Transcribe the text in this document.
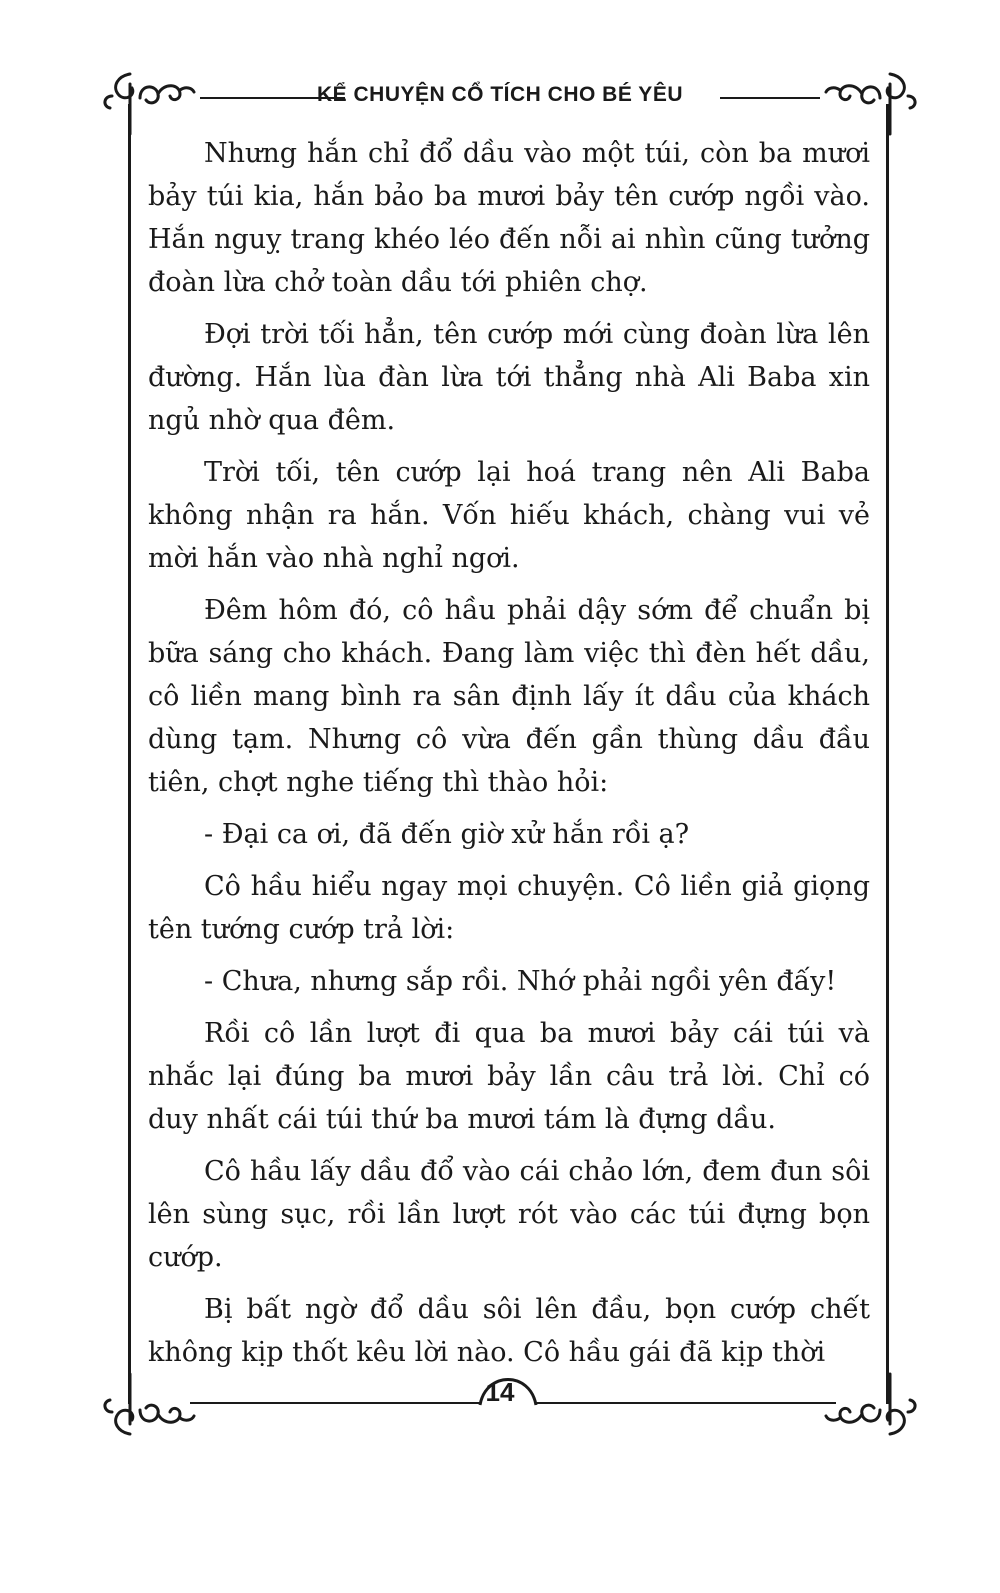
KỂ CHUYỆN CỔ TÍCH CHO BÉ YÊU

Nhưng hắn chỉ đổ dầu vào một túi, còn ba mươi bảy túi kia, hắn bảo ba mươi bảy tên cướp ngồi vào. Hắn nguỵ trang khéo léo đến nỗi ai nhìn cũng tưởng đoàn lừa chở toàn dầu tới phiên chợ.

Đợi trời tối hẳn, tên cướp mới cùng đoàn lừa lên đường. Hắn lùa đàn lừa tới thẳng nhà Ali Baba xin ngủ nhờ qua đêm.

Trời tối, tên cướp lại hoá trang nên Ali Baba không nhận ra hắn. Vốn hiếu khách, chàng vui vẻ mời hắn vào nhà nghỉ ngơi.

Đêm hôm đó, cô hầu phải dậy sớm để chuẩn bị bữa sáng cho khách. Đang làm việc thì đèn hết dầu, cô liền mang bình ra sân định lấy ít dầu của khách dùng tạm. Nhưng cô vừa đến gần thùng dầu đầu tiên, chợt nghe tiếng thì thào hỏi:

- Đại ca ơi, đã đến giờ xử hắn rồi ạ?

Cô hầu hiểu ngay mọi chuyện. Cô liền giả giọng tên tướng cướp trả lời:

- Chưa, nhưng sắp rồi. Nhớ phải ngồi yên đấy!

Rồi cô lần lượt đi qua ba mươi bảy cái túi và nhắc lại đúng ba mươi bảy lần câu trả lời. Chỉ có duy nhất cái túi thứ ba mươi tám là đựng dầu.

Cô hầu lấy dầu đổ vào cái chảo lớn, đem đun sôi lên sùng sục, rồi lần lượt rót vào các túi đựng bọn cướp.

Bị bất ngờ đổ dầu sôi lên đầu, bọn cướp chết không kịp thốt kêu lời nào. Cô hầu gái đã kịp thời

14
